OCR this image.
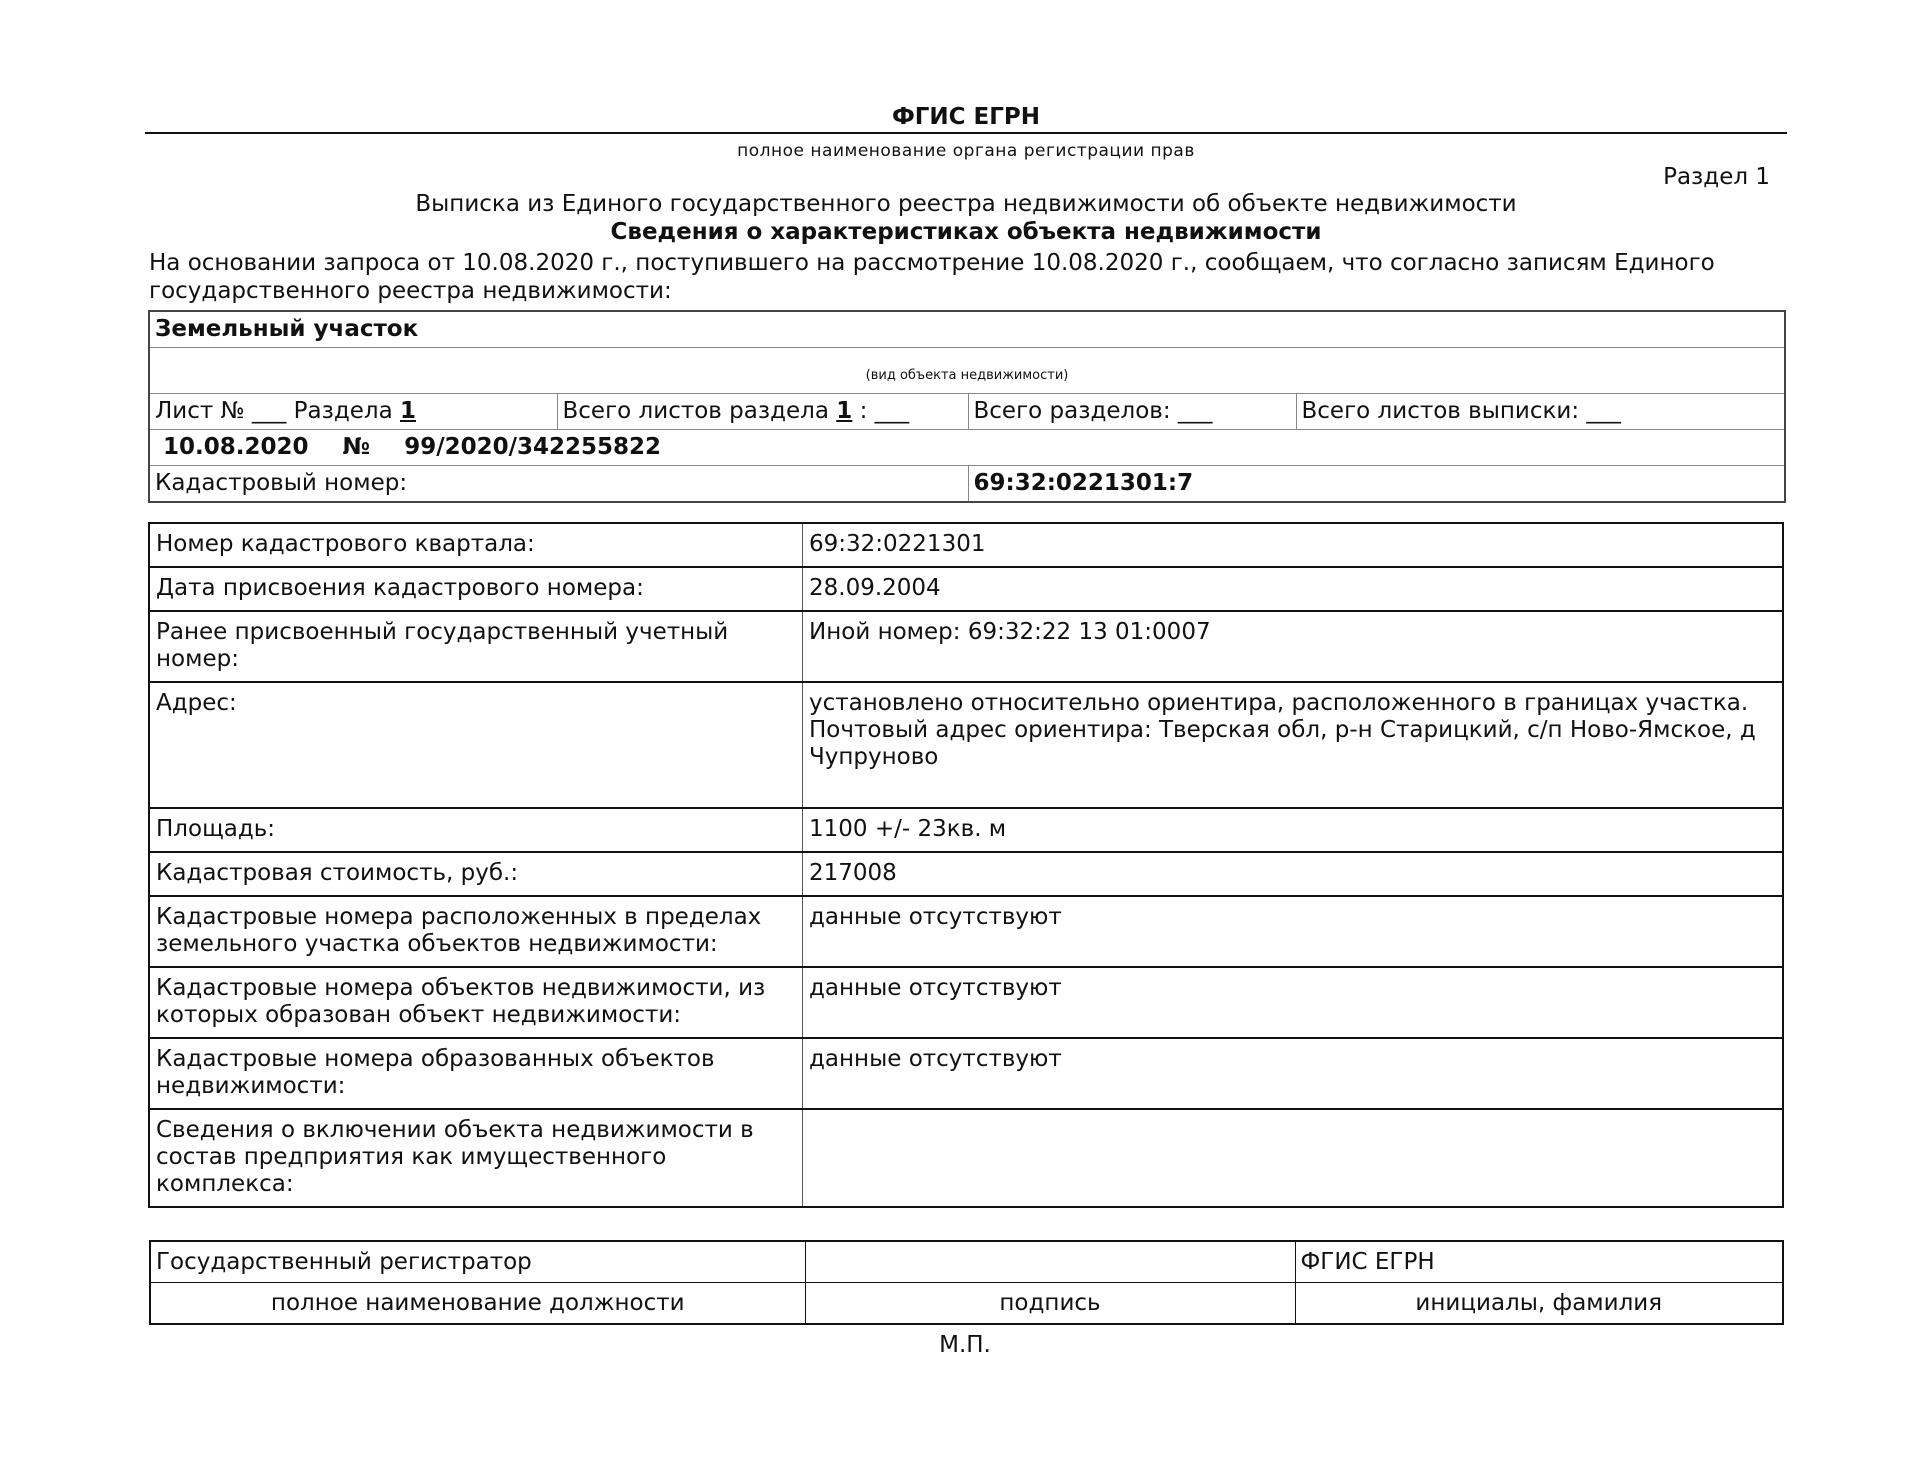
ФГИС ЕГРН
полное наименование органа регистрации прав
Раздел 1
Выписка из Единого государственного реестра недвижимости об объекте недвижимости
Сведения о характеристиках объекта недвижимости
На основании запроса от 10.08.2020 г., поступившего на рассмотрение 10.08.2020 г., сообщаем, что согласно записям Единого государственного реестра недвижимости:
Земельный участок			
(вид объекта недвижимости)			
Лист № ___ Раздела 1	Всего листов раздела 1 : ___	Всего разделов: ___	Всего листов выписки: ___
10.08.2020 № 99/2020/342255822			
Кадастровый номер:		69:32:0221301:7	
Номер кадастрового квартала:	69:32:0221301
Дата присвоения кадастрового номера:	28.09.2004
Ранее присвоенный государственный учетный номер:	Иной номер: 69:32:22 13 01:0007
Адрес:	установлено относительно ориентира, расположенного в границах участка.
Почтовый адрес ориентира: Тверская обл, р-н Старицкий, с/п Ново-Ямское, д Чупруново

Площадь:	1100 +/- 23кв. м
Кадастровая стоимость, руб.:	217008
Кадастровые номера расположенных в пределах земельного участка объектов недвижимости:	данные отсутствуют
Кадастровые номера объектов недвижимости, из которых образован объект недвижимости:	данные отсутствуют
Кадастровые номера образованных объектов недвижимости:	данные отсутствуют
Сведения о включении объекта недвижимости в состав предприятия как имущественного комплекса:	
Государственный регистратор		ФГИС ЕГРН
полное наименование должности	подпись	инициалы, фамилия
М.П.
